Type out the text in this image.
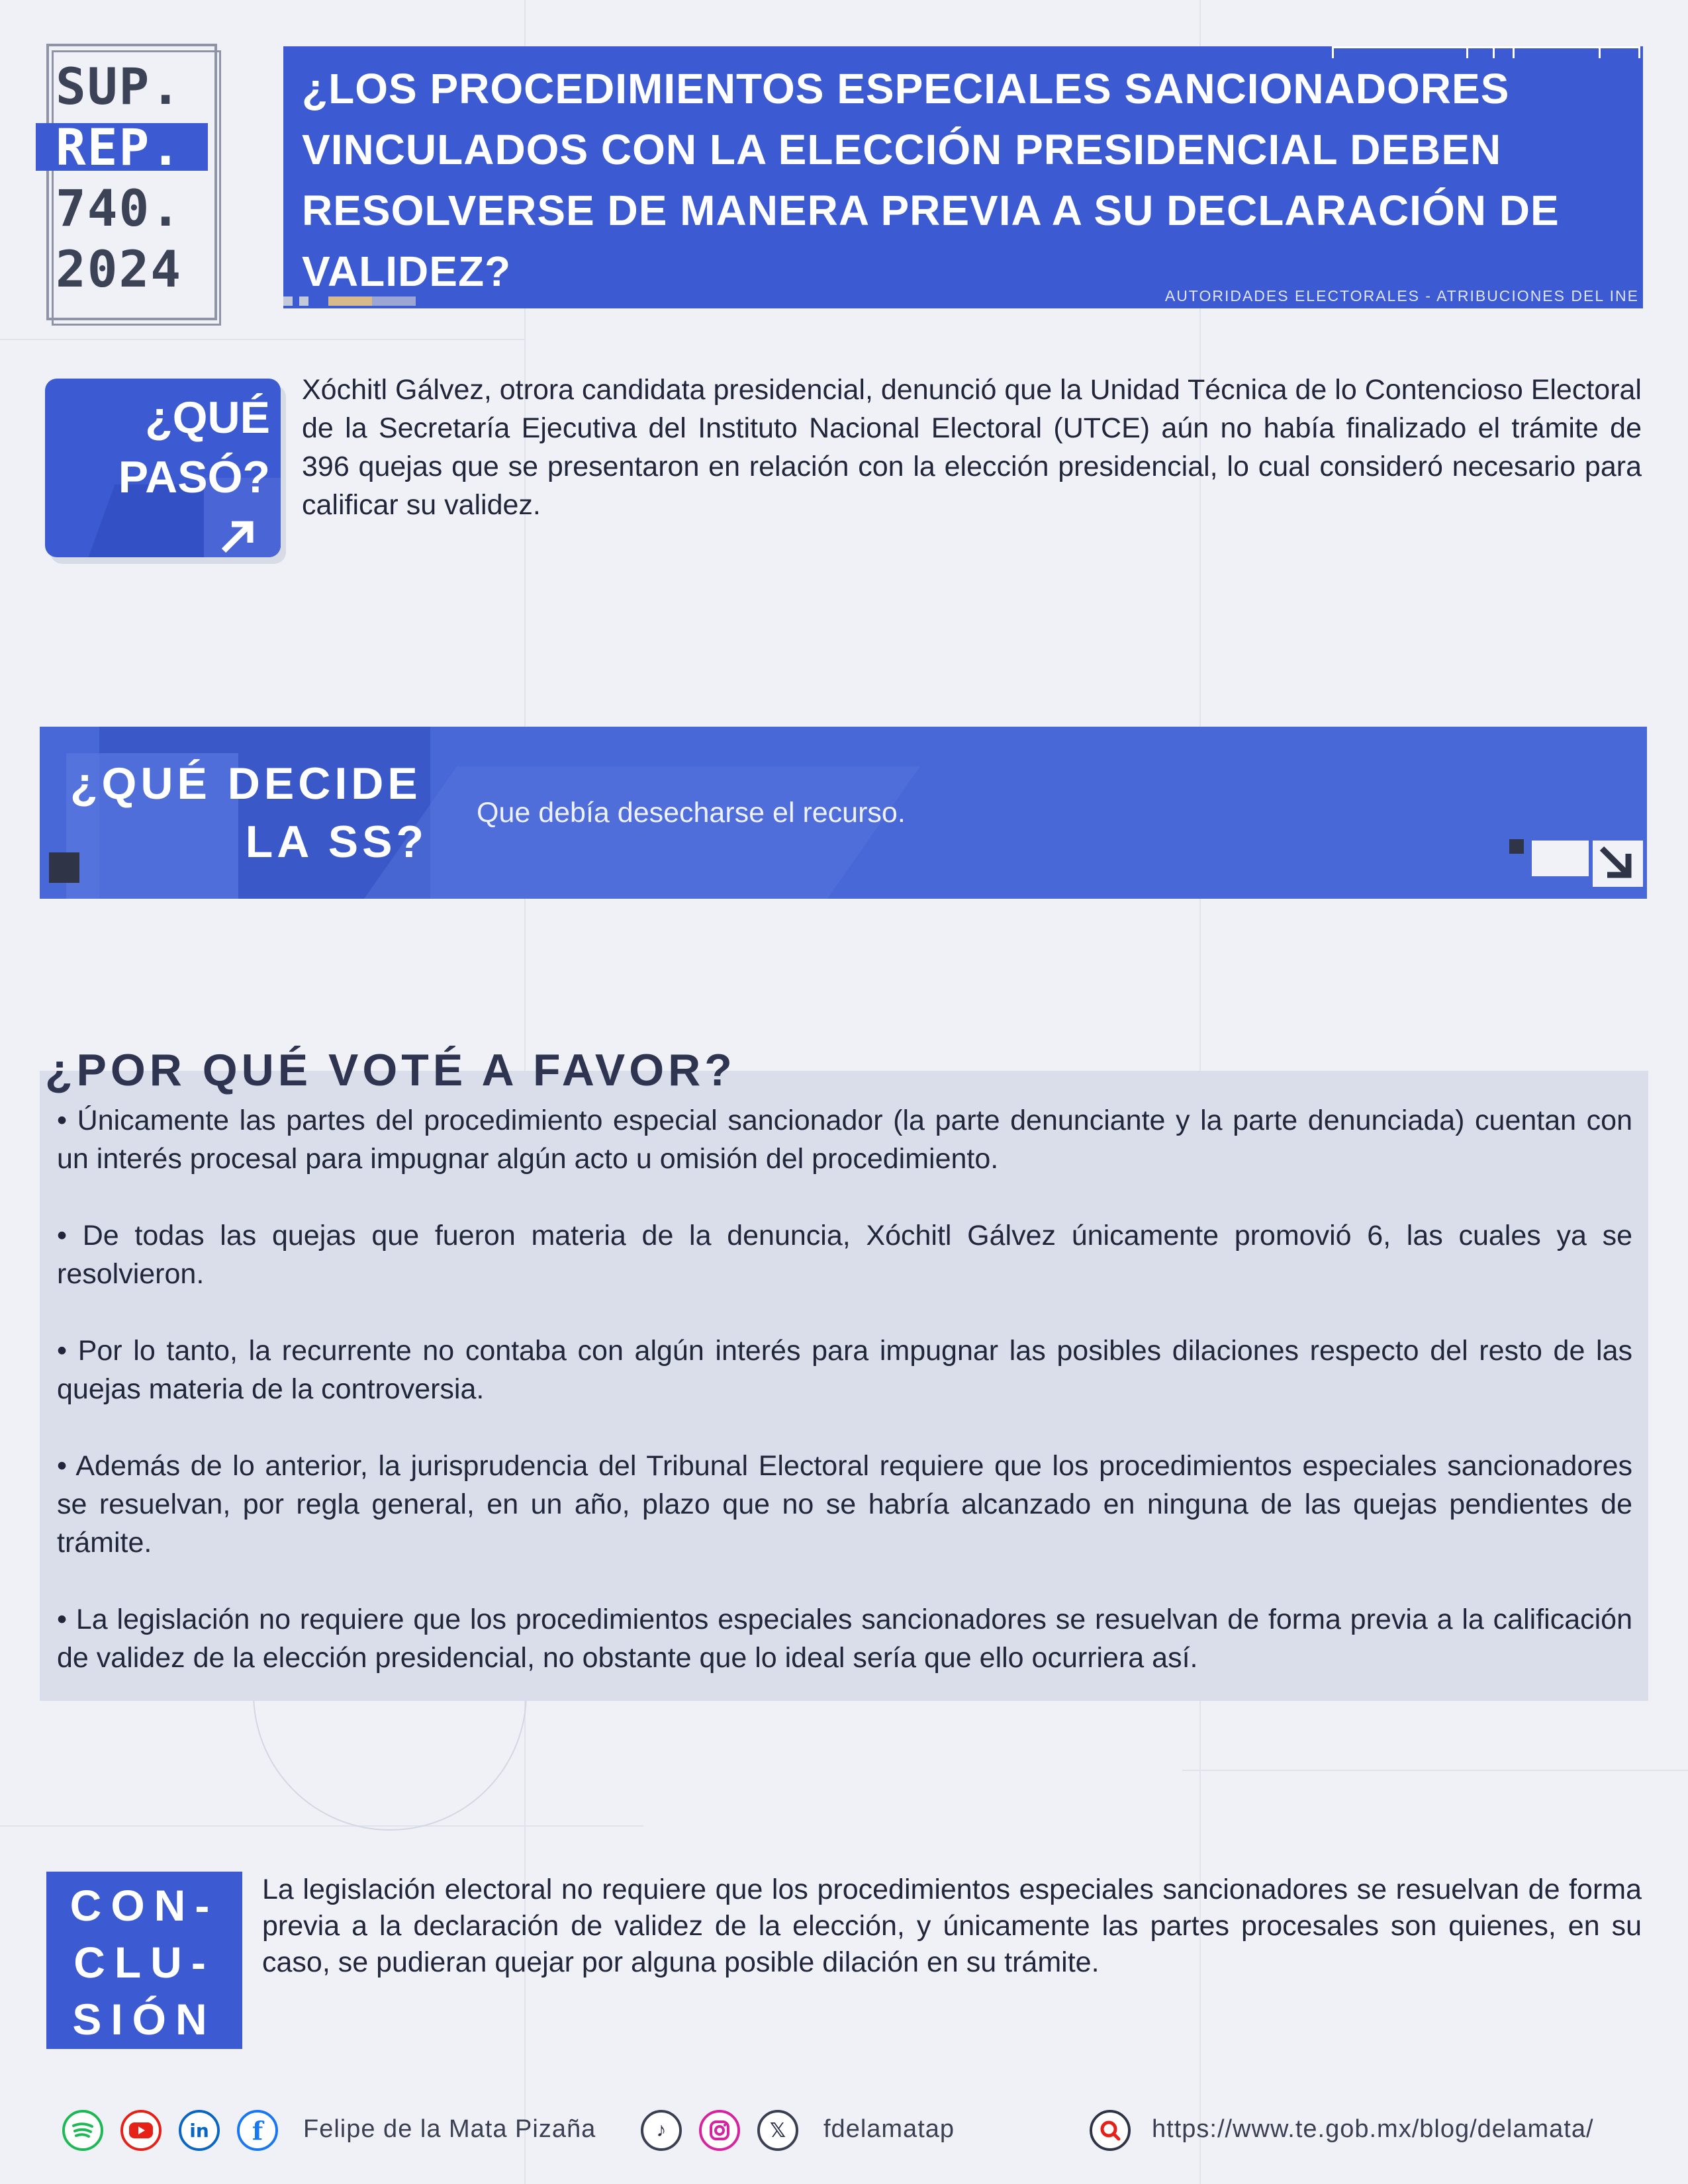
SUP.
REP.
740.
2024
¿LOS PROCEDIMIENTOS ESPECIALES SANCIONADORES VINCULADOS CON LA ELECCIÓN PRESIDENCIAL DEBEN RESOLVERSE DE MANERA PREVIA A SU DECLARACIÓN DE VALIDEZ?
AUTORIDADES ELECTORALES - ATRIBUCIONES DEL INE
¿QUÉ
PASÓ?
Xóchitl Gálvez, otrora candidata presidencial, denunció que la Unidad Técnica de lo Contencioso Electoral de la Secretaría Ejecutiva del Instituto Nacional Electoral (UTCE) aún no había finalizado el trámite de 396 quejas que se presentaron en relación con la elección presidencial, lo cual consideró necesario para calificar su validez.
¿QUÉ DECIDE
LA SS?
Que debía desecharse el recurso.
¿POR QUÉ VOTÉ A FAVOR?
• Únicamente las partes del procedimiento especial sancionador (la parte denunciante y la parte denunciada) cuentan con un interés procesal para impugnar algún acto u omisión del procedimiento.
• De todas las quejas que fueron materia de la denuncia, Xóchitl Gálvez únicamente promovió 6, las cuales ya se resolvieron.
• Por lo tanto, la recurrente no contaba con algún interés para impugnar las posibles dilaciones respecto del resto de las quejas materia de la controversia.
• Además de lo anterior, la jurisprudencia del Tribunal Electoral requiere que los procedimientos especiales sancionadores se resuelvan, por regla general, en un año, plazo que no se habría alcanzado en ninguna de las quejas pendientes de trámite.
• La legislación no requiere que los procedimientos especiales sancionadores se resuelvan de forma previa a la calificación de validez de la elección presidencial, no obstante que lo ideal sería que ello ocurriera así.
CON-
CLU-
SIÓN
La legislación electoral no requiere que los procedimientos especiales sancionadores se resuelvan de forma previa a la declaración de validez de la elección, y únicamente las partes procesales son quienes, en su caso, se pudieran quejar por alguna posible dilación en su trámite.
in	f	Felipe de la Mata Pizaña	♪	𝕏	fdelamatap	https://www.te.gob.mx/blog/delamata/
